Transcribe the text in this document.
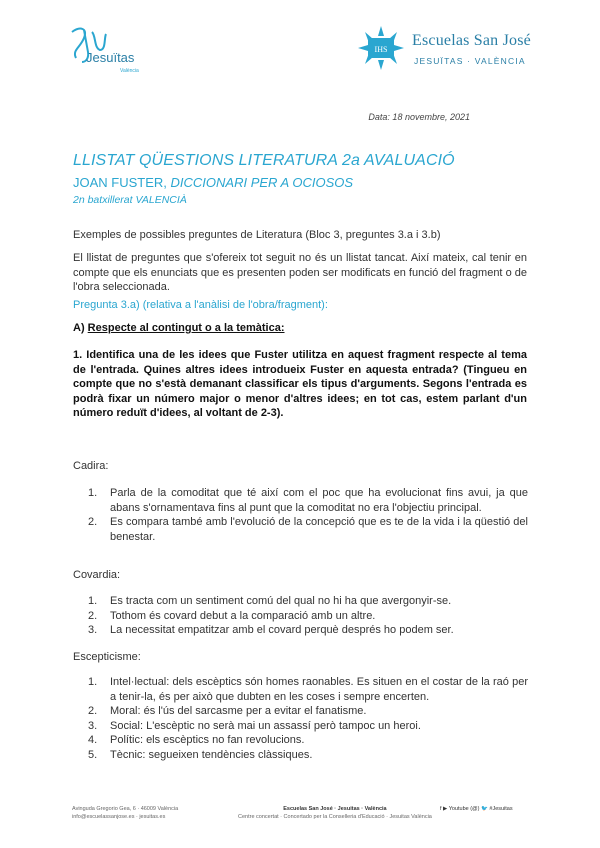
Jesuïtas
València
IHS
Escuelas San José
JESUÏTAS · VALÈNCIA
Data: 18 novembre, 2021
LLISTAT QÜESTIONS LITERATURA 2a AVALUACIÓ
JOAN FUSTER, DICCIONARI PER A OCIOSOS
2n batxillerat VALENCIÀ
Exemples de possibles preguntes de Literatura (Bloc 3, preguntes 3.a i 3.b)
El llistat de preguntes que s'ofereix tot seguit no és un llistat tancat. Així mateix, cal tenir en compte que els enunciats que es presenten poden ser modificats en funció del fragment o de l'obra seleccionada.
Pregunta 3.a) (relativa a l'anàlisi de l'obra/fragment):
A) Respecte al contingut o a la temàtica:
1. Identifica una de les idees que Fuster utilitza en aquest fragment respecte al tema de l'entrada. Quines altres idees introdueix Fuster en aquesta entrada? (Tingueu en compte que no s'està demanant classificar els tipus d'arguments. Segons l'entrada es podrà fixar un número major o menor d'altres idees; en tot cas, estem parlant d'un número reduït d'idees, al voltant de 2-3).
Cadira:
1. Parla de la comoditat que té així com el poc que ha evolucionat fins avui, ja que abans s'ornamentava fins al punt que la comoditat no era l'objectiu principal.
2. Es compara també amb l'evolució de la concepció que es te de la vida i la qüestió del benestar.
Covardia:
1. Es tracta com un sentiment comú del qual no hi ha que avergonyir-se.
2. Tothom és covard debut a la comparació amb un altre.
3. La necessitat empatitzar amb el covard perquè després ho podem ser.
Escepticisme:
1. Intel·lectual: dels escèptics són homes raonables. Es situen en el costar de la raó per a tenir-la, és per això que dubten en les coses i sempre encerten.
2. Moral: és l'ús del sarcasme per a evitar el fanatisme.
3. Social: L'escèptic no serà mai un assassí però tampoc un heroi.
4. Polític: els escèptics no fan revolucions.
5. Tècnic: segueixen tendències clàssiques.
Avinguda Gregorio Gea, 6 · 46009 València
info@escuelassanjose.es · jesuitas.es
Escuelas San José · Jesuitas · València
Centre concertat · Concertado per la Conselleria d'Educació · Jesuitas València
f ▶ Youtube (@) 🐦 #Jesuitas
